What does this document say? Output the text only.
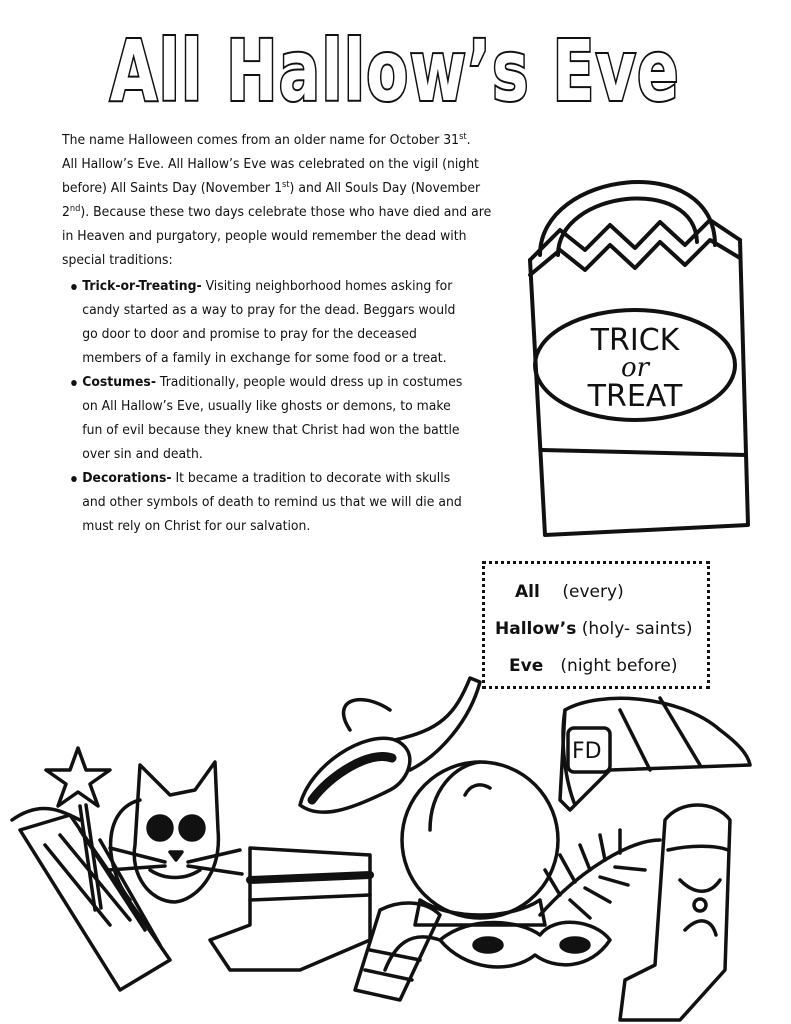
All Hallow’s Eve

The name Halloween comes from an older name for October 31st.
All Hallow’s Eve. All Hallow’s Eve was celebrated on the vigil (night before) All Saints Day (November 1st) and All Souls Day (November 2nd). Because these two days celebrate those who have died and are in Heaven and purgatory, people would remember the dead with special traditions:

Trick-or-Treating- Visiting neighborhood homes asking for candy started as a way to pray for the dead. Beggars would go door to door and promise to pray for the deceased members of a family in exchange for some food or a treat.
Costumes- Traditionally, people would dress up in costumes on All Hallow’s Eve, usually like ghosts or demons, to make fun of evil because they knew that Christ had won the battle over sin and death.
Decorations- It became a tradition to decorate with skulls and other symbols of death to remind us that we will die and must rely on Christ for our salvation.
TRICK
or
TREAT
All (every)
Hallow’s (holy- saints)
Eve (night before)
FD
